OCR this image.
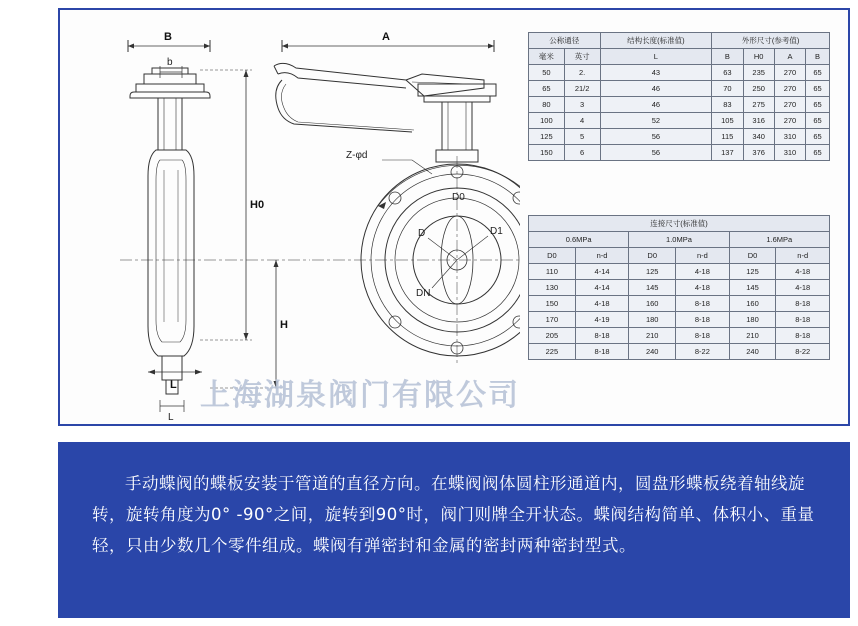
B
b
A
H0
H
L
L
Z-φd
D	D1
DN
D0
公称通径		结构长度(标准值)	外形尺寸(参考值)			
毫米	英寸	L	B	H0	A	B
50	2.	43	63	235	270	65
65	21/2	46	70	250	270	65
80	3	46	83	275	270	65
100	4	52	105	316	270	65
125	5	56	115	340	310	65
150	6	56	137	376	310	65
连接尺寸(标准值)					
0.6MPa		1.0MPa		1.6MPa	
D0	n-d	D0	n-d	D0	n-d
110	4-14	125	4-18	125	4-18
130	4-14	145	4-18	145	4-18
150	4-18	160	8-18	160	8-18
170	4-19	180	8-18	180	8-18
205	8-18	210	8-18	210	8-18
225	8-18	240	8-22	240	8-22
上海湖泉阀门有限公司

手动蝶阀的蝶板安装于管道的直径方向。在蝶阀阀体圆柱形通道内，圆盘形蝶板绕着轴线旋转，旋转角度为0° -90°之间，旋转到90°时，阀门则牌全开状态。蝶阀结构简单、体积小、重量轻，只由少数几个零件组成。蝶阀有弹密封和金属的密封两种密封型式。
